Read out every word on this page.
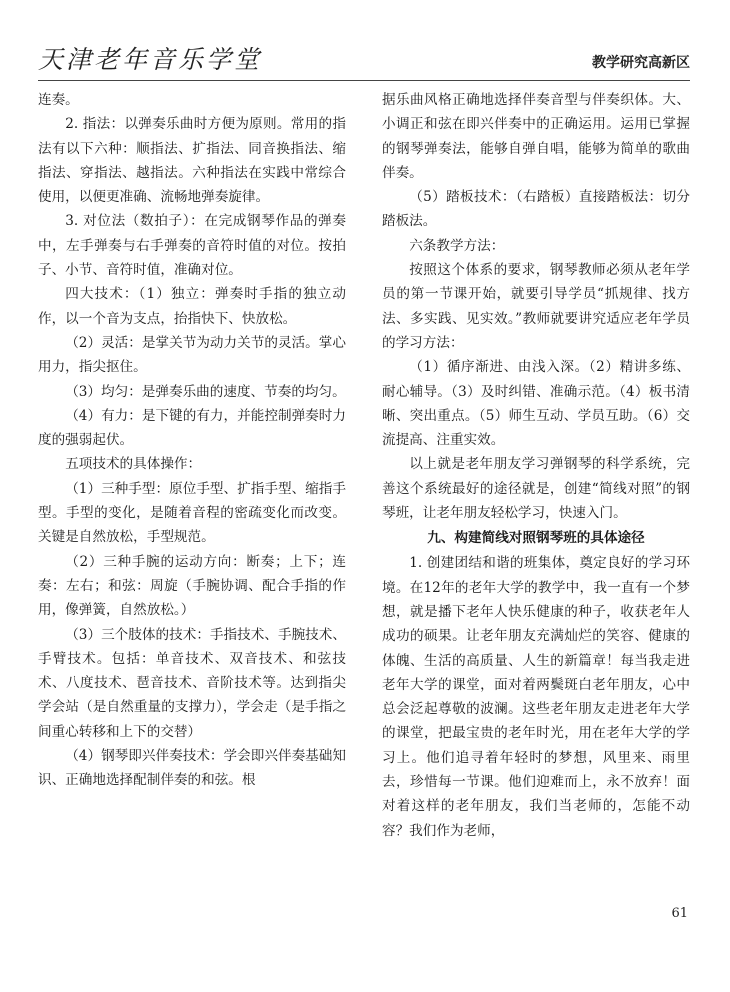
天津老年音乐学堂	教学研究高新区

连奏。

2. 指法：以弹奏乐曲时方便为原则。常用的指法有以下六种：顺指法、扩指法、同音换指法、缩指法、穿指法、越指法。六种指法在实践中常综合使用，以便更准确、流畅地弹奏旋律。

3. 对位法（数拍子）：在完成钢琴作品的弹奏中，左手弹奏与右手弹奏的音符时值的对位。按拍子、小节、音符时值，准确对位。

四大技术：（1）独立：弹奏时手指的独立动作，以一个音为支点，抬指快下、快放松。

（2）灵活：是掌关节为动力关节的灵活。掌心用力，指尖抠住。

（3）均匀：是弹奏乐曲的速度、节奏的均匀。

（4）有力：是下键的有力，并能控制弹奏时力度的强弱起伏。

五项技术的具体操作：

（1）三种手型：原位手型、扩指手型、缩指手型。手型的变化，是随着音程的密疏变化而改变。关键是自然放松，手型规范。

（2）三种手腕的运动方向：断奏；上下；连奏：左右；和弦：周旋（手腕协调、配合手指的作用，像弹簧，自然放松。）

（3）三个肢体的技术：手指技术、手腕技术、手臂技术。包括：单音技术、双音技术、和弦技术、八度技术、琶音技术、音阶技术等。达到指尖学会站（是自然重量的支撑力），学会走（是手指之间重心转移和上下的交替）

（4）钢琴即兴伴奏技术：学会即兴伴奏基础知识、正确地选择配制伴奏的和弦。根

据乐曲风格正确地选择伴奏音型与伴奏织体。大、小调正和弦在即兴伴奏中的正确运用。运用已掌握的钢琴弹奏法，能够自弹自唱，能够为简单的歌曲伴奏。

（5）踏板技术：（右踏板）直接踏板法：切分踏板法。

六条教学方法：

按照这个体系的要求，钢琴教师必须从老年学员的第一节课开始，就要引导学员“抓规律、找方法、多实践、见实效。”教师就要讲究适应老年学员的学习方法：

（1）循序渐进、由浅入深。（2）精讲多练、耐心辅导。（3）及时纠错、准确示范。（4）板书清晰、突出重点。（5）师生互动、学员互助。（6）交流提高、注重实效。

以上就是老年朋友学习弹钢琴的科学系统，完善这个系统最好的途径就是，创建“简线对照”的钢琴班，让老年朋友轻松学习，快速入门。

九、构建简线对照钢琴班的具体途径

1. 创建团结和谐的班集体，奠定良好的学习环境。在12年的老年大学的教学中，我一直有一个梦想，就是播下老年人快乐健康的种子，收获老年人成功的硕果。让老年朋友充满灿烂的笑容、健康的体魄、生活的高质量、人生的新篇章！每当我走进老年大学的课堂，面对着两鬓斑白老年朋友，心中总会泛起尊敬的波澜。这些老年朋友走进老年大学的课堂，把最宝贵的老年时光，用在老年大学的学习上。他们追寻着年轻时的梦想，风里来、雨里去，珍惜每一节课。他们迎难而上，永不放弃！面对着这样的老年朋友，我们当老师的，怎能不动容？我们作为老师，

61
